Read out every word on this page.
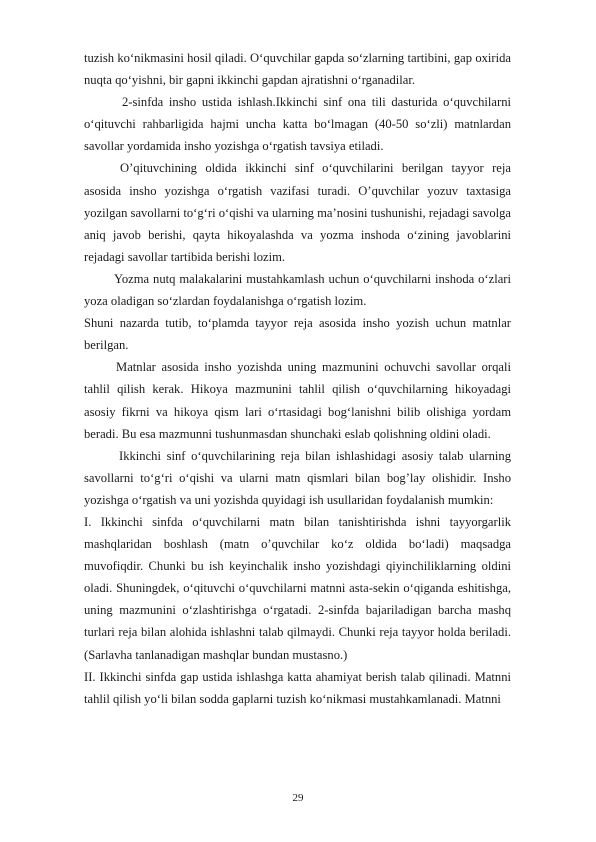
tuzish ko‘nikmasini hosil qiladi. O‘quvchilar gapda so‘zlarning tartibini, gap oxirida nuqta qo‘yishni, bir gapni ikkinchi gapdan ajratishni o‘rganadilar.

2-sinfda insho ustida ishlash.Ikkinchi sinf ona tili dasturida o‘quvchilarni o‘qituvchi rahbarligida hajmi uncha katta bo‘lmagan (40-50 so‘zli) matnlardan savollar yordamida insho yozishga o‘rgatish tavsiya etiladi.

O’qituvchining oldida ikkinchi sinf o‘quvchilarini berilgan tayyor reja asosida insho yozishga o‘rgatish vazifasi turadi. O’quvchilar yozuv taxtasiga yozilgan savollarni to‘g‘ri o‘qishi va ularning ma’nosini tushunishi, rejadagi savolga aniq javob berishi, qayta hikoyalashda va yozma inshoda o‘zining javoblarini rejadagi savollar tartibida berishi lozim.

Yozma nutq malakalarini mustahkamlash uchun o‘quvchilarni inshoda o‘zlari yoza oladigan so‘zlardan foydalanishga o‘rgatish lozim.

Shuni nazarda tutib, to‘plamda tayyor reja asosida insho yozish uchun matnlar berilgan.

Matnlar asosida insho yozishda uning mazmunini ochuvchi savollar orqali tahlil qilish kerak. Hikoya mazmunini tahlil qilish o‘quvchilarning hikoyadagi asosiy fikrni va hikoya qism lari o‘rtasidagi bog‘lanishni bilib olishiga yordam beradi. Bu esa mazmunni tushunmasdan shunchaki eslab qolishning oldini oladi.

Ikkinchi sinf o‘quvchilarining reja bilan ishlashidagi asosiy talab ularning savollarni to‘g‘ri o‘qishi va ularni matn qismlari bilan bog’lay olishidir. Insho yozishga o‘rgatish va uni yozishda quyidagi ish usullaridan foydalanish mumkin:

I. Ikkinchi sinfda o‘quvchilarni matn bilan tanishtirishda ishni tayyorgarlik mashqlaridan boshlash (matn o’quvchilar ko‘z oldida bo‘ladi) maqsadga muvofiqdir. Chunki bu ish keyinchalik insho yozishdagi qiyinchiliklarning oldini oladi. Shuningdek, o‘qituvchi o‘quvchilarni matnni asta-sekin o‘qiganda eshitishga, uning mazmunini o‘zlashtirishga o‘rgatadi. 2-sinfda bajariladigan barcha mashq turlari reja bilan alohida ishlashni talab qilmaydi. Chunki reja tayyor holda beriladi. (Sarlavha tanlanadigan mashqlar bundan mustasno.)

II. Ikkinchi sinfda gap ustida ishlashga katta ahamiyat berish talab qilinadi. Matnni tahlil qilish yo‘li bilan sodda gaplarni tuzish ko‘nikmasi mustahkamlanadi. Matnni

29
